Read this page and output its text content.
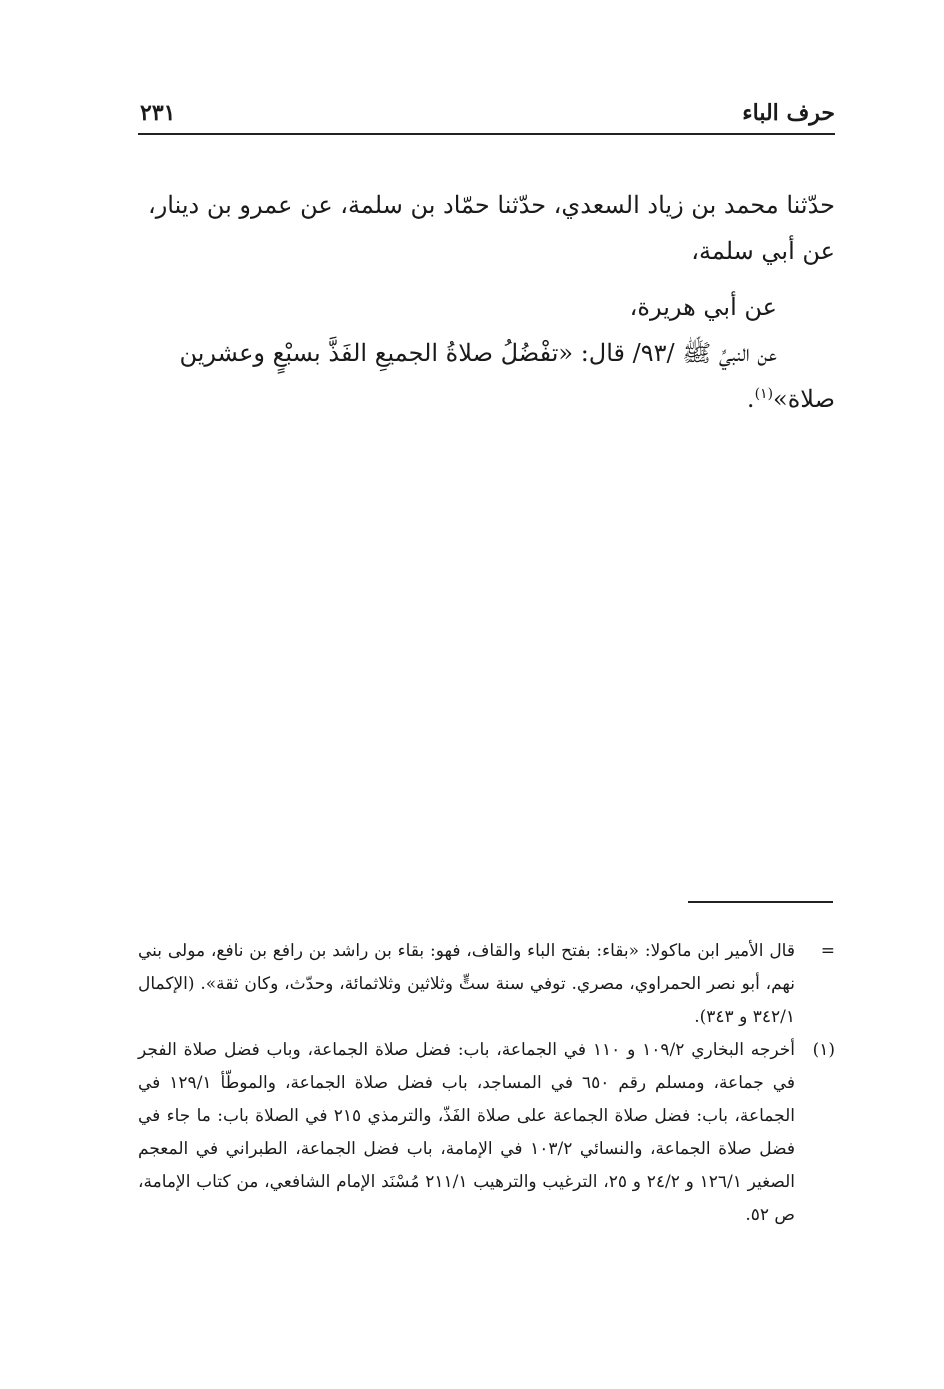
حرف الباء
٢٣١

حدّثنا محمد بن زياد السعدي، حدّثنا حمّاد بن سلمة، عن عمرو بن دينار،

عن أبي سلمة،

عن أبي هريرة،

عن النبيِّ ﷺ /٩٣/ قال: «تفْضُلُ صلاةُ الجميعِ الفَذَّ بسبْعٍ وعشرين

صلاة»$^{(١)}$.

=
قال الأمير ابن ماكولا: «بقاء: بفتح الباء والقاف، فهو: بقاء بن راشد بن رافع بن نافع، مولى بني نهم، أبو نصر الحمراوي، مصري. توفي سنة ستٍّ وثلاثين وثلاثمائة، وحدّث، وكان ثقة». (الإكمال ٣٤٢/١ و ٣٤٣).

(١)
أخرجه البخاري ١٠٩/٢ و ١١٠ في الجماعة، باب: فضل صلاة الجماعة، وباب فضل صلاة الفجر في جماعة، ومسلم رقم ٦٥٠ في المساجد، باب فضل صلاة الجماعة، والموطّأ ١٢٩/١ في الجماعة، باب: فضل صلاة الجماعة على صلاة الفَذّ، والترمذي ٢١٥ في الصلاة باب: ما جاء في فضل صلاة الجماعة، والنسائي ١٠٣/٢ في الإمامة، باب فضل الجماعة، الطبراني في المعجم الصغير ١٢٦/١ و ٢٤/٢ و ٢٥، الترغيب والترهيب ٢١١/١ مُسْنَد الإمام الشافعي، من كتاب الإمامة، ص ٥٢.
